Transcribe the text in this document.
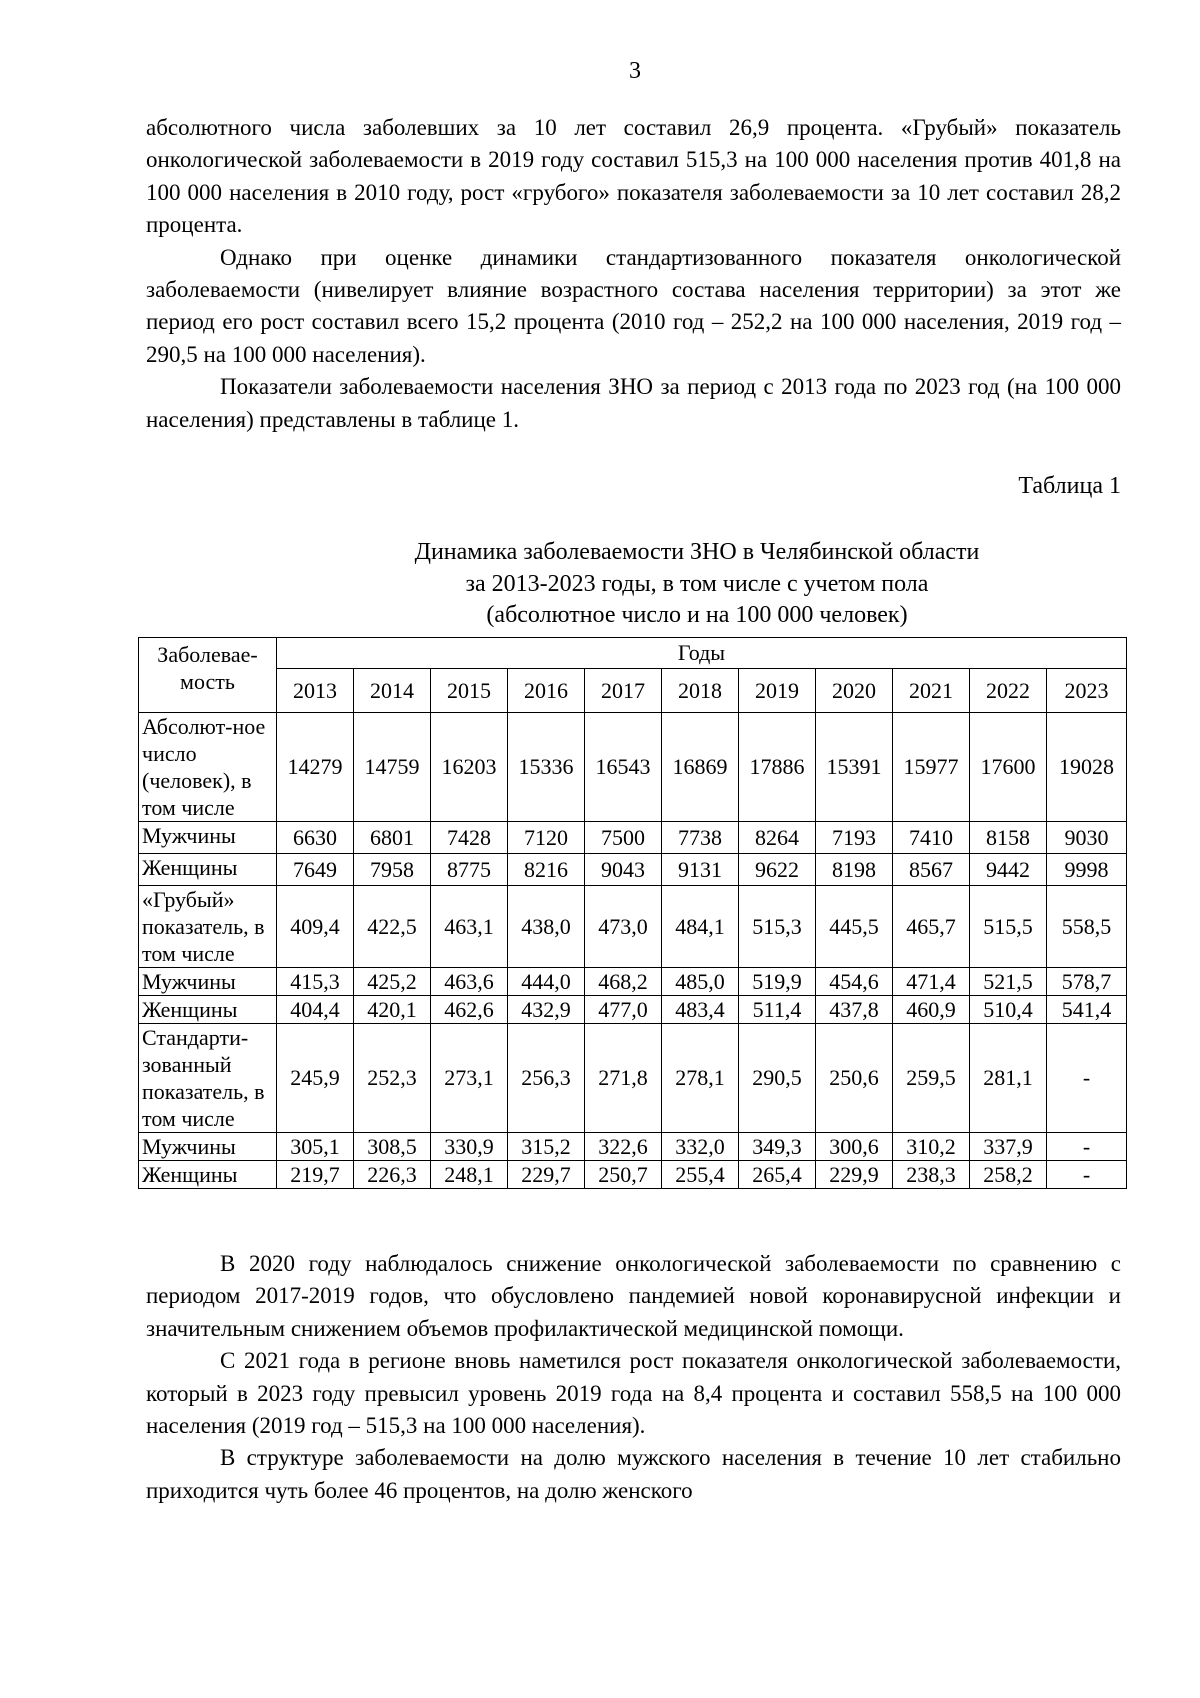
3

абсолютного числа заболевших за 10 лет составил 26,9 процента. «Грубый» показатель онкологической заболеваемости в 2019 году составил 515,3 на 100 000 населения против 401,8 на 100 000 населения в 2010 году, рост «грубого» показателя заболеваемости за 10 лет составил 28,2 процента.

Однако при оценке динамики стандартизованного показателя онкологической заболеваемости (нивелирует влияние возрастного состава населения территории) за этот же период его рост составил всего 15,2 процента (2010 год – 252,2 на 100 000 населения, 2019 год – 290,5 на 100 000 населения).

Показатели заболеваемости населения ЗНО за период с 2013 года по 2023 год (на 100 000 населения) представлены в таблице 1.

Таблица 1
Динамика заболеваемости ЗНО в Челябинской области
за 2013-2023 годы, в том числе с учетом пола
(абсолютное число и на 100 000 человек)
Заболевае-мость	Годы										
	2013	2014	2015	2016	2017	2018	2019	2020	2021	2022	2023
Абсолют-ное число (человек), в том числе	14279	14759	16203	15336	16543	16869	17886	15391	15977	17600	19028
Мужчины	6630	6801	7428	7120	7500	7738	8264	7193	7410	8158	9030
Женщины	7649	7958	8775	8216	9043	9131	9622	8198	8567	9442	9998
«Грубый» показатель, в том числе	409,4	422,5	463,1	438,0	473,0	484,1	515,3	445,5	465,7	515,5	558,5
Мужчины	415,3	425,2	463,6	444,0	468,2	485,0	519,9	454,6	471,4	521,5	578,7
Женщины	404,4	420,1	462,6	432,9	477,0	483,4	511,4	437,8	460,9	510,4	541,4
Стандарти-зованный показатель, в том числе	245,9	252,3	273,1	256,3	271,8	278,1	290,5	250,6	259,5	281,1	-
Мужчины	305,1	308,5	330,9	315,2	322,6	332,0	349,3	300,6	310,2	337,9	-
Женщины	219,7	226,3	248,1	229,7	250,7	255,4	265,4	229,9	238,3	258,2	-

В 2020 году наблюдалось снижение онкологической заболеваемости по сравнению с периодом 2017-2019 годов, что обусловлено пандемией новой коронавирусной инфекции и значительным снижением объемов профилактической медицинской помощи.

С 2021 года в регионе вновь наметился рост показателя онкологической заболеваемости, который в 2023 году превысил уровень 2019 года на 8,4 процента и составил 558,5 на 100 000 населения (2019 год – 515,3 на 100 000 населения).

В структуре заболеваемости на долю мужского населения в течение 10 лет стабильно приходится чуть более 46 процентов, на долю женского
